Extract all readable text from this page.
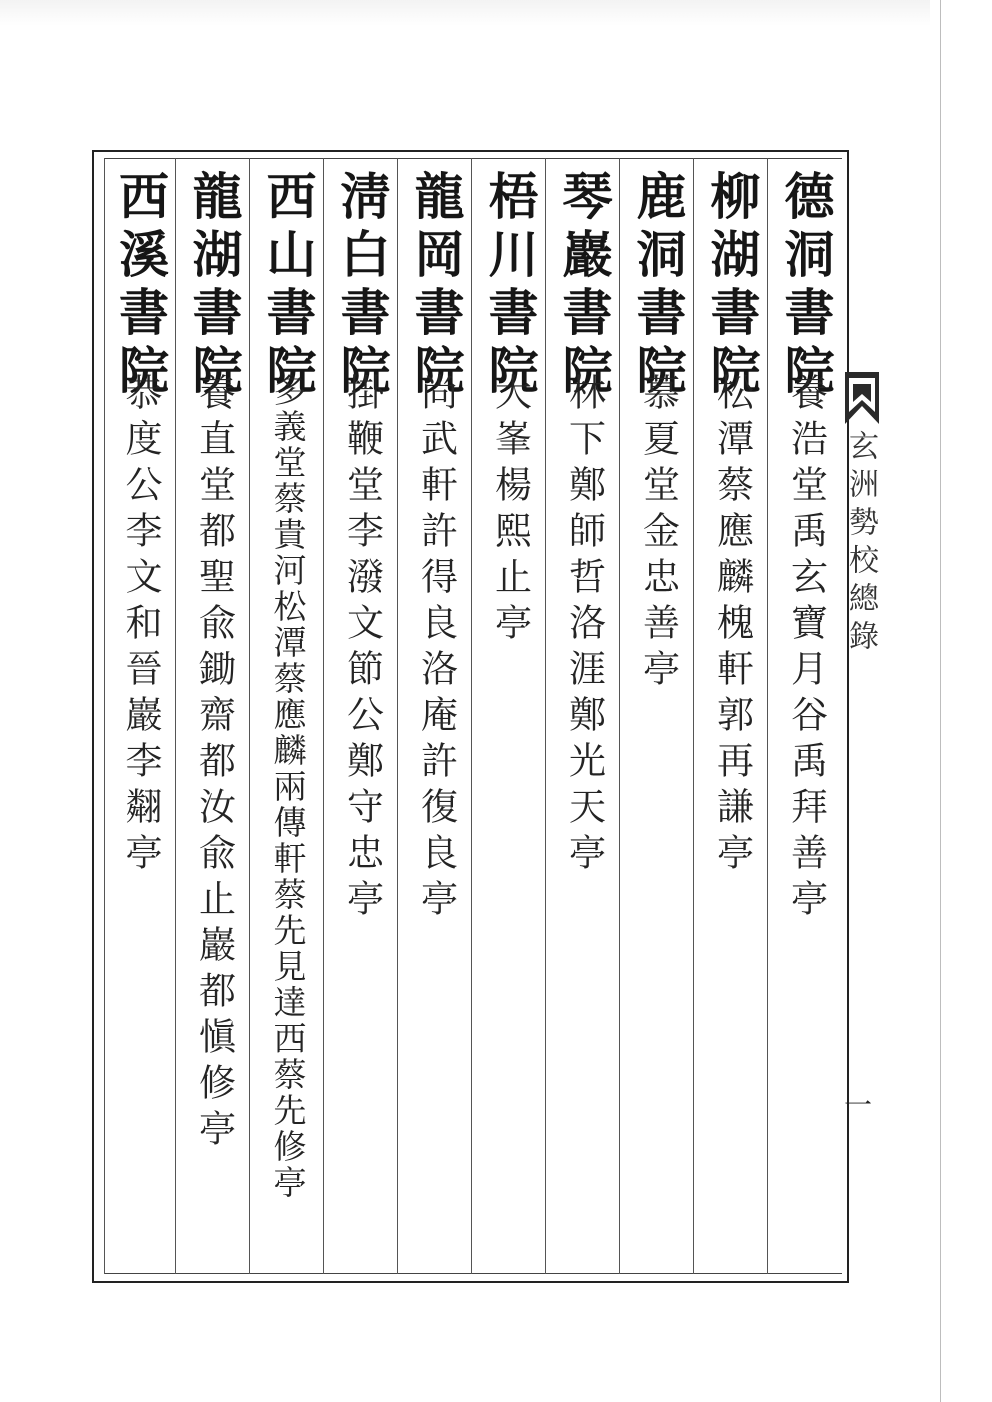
德洞書院
養浩堂禹玄寶月谷禹拜善亭
柳湖書院
松潭蔡應麟槐軒郭再謙亭
鹿洞書院
慕夏堂金忠善亭
琴巖書院
林下鄭師哲洛涯鄭光天亭
梧川書院
大峯楊熙止亭
龍岡書院
尚武軒許得良洛庵許復良亭
淸白書院
掛鞭堂李潑文節公鄭守忠亭
西山書院
多義堂蔡貴河松潭蔡應麟兩傳軒蔡先見達西蔡先修亭
龍湖書院
養直堂都聖兪鋤齋都汝兪止巖都愼修亭
西溪書院
恭度公李文和晉巖李翷亭	玄洲勢校總錄
一
